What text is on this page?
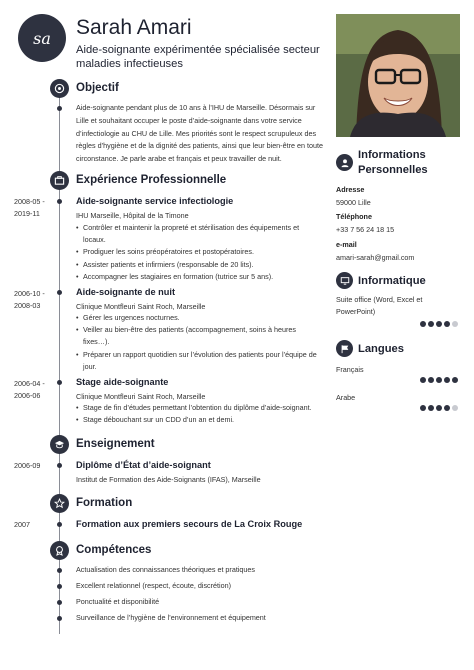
sa Sarah Amari
Aide-soignante expérimentée spécialisée secteur maladies infectieuses
Objectif
Aide-soignante pendant plus de 10 ans à l’IHU de Marseille. Désormais sur Lille et souhaitant occuper le poste d’aide-soignante dans votre service d’infectiologie au CHU de Lille. Mes priorités sont le respect scrupuleux des règles d’hygiène et de la dignité des patients, ainsi que leur bien-être en toute circonstance. Je parle arabe et français et peux travailler de nuit.
Expérience Professionnelle
2008-05 - 2019-11
Aide-soignante service infectiologie
IHU Marseille, Hôpital de la Timone
• Contrôler et maintenir la propreté et stérilisation des équipements et locaux.
• Prodiguer les soins préopératoires et postopératoires.
• Assister patients et infirmiers (responsable de 20 lits).
• Accompagner les stagiaires en formation (tutrice sur 5 ans).
2006-10 - 2008-03
Aide-soignante de nuit
Clinique Montfleuri Saint Roch, Marseille
• Gérer les urgences nocturnes.
• Veiller au bien-être des patients (accompagnement, soins à heures fixes…).
• Préparer un rapport quotidien sur l’évolution des patients pour l’équipe de jour.
2006-04 - 2006-06
Stage aide-soignante
Clinique Montfleuri Saint Roch, Marseille
• Stage de fin d’études permettant l’obtention du diplôme d’aide-soignant.
• Stage débouchant sur un CDD d’un an et demi.
Enseignement
2006-09	Diplôme d’État d’aide-soignant
Institut de Formation des Aide-Soignants (IFAS), Marseille
Formation
2007	Formation aux premiers secours de La Croix Rouge
Compétences
Actualisation des connaissances théoriques et pratiques
Excellent relationnel (respect, écoute, discrétion)
Ponctualité et disponibilité
Surveillance de l’hygiène de l’environnement et équipement
Informations
Personnelles
Adresse
59000 Lille
Téléphone
+33 7 56 24 18 15
e-mail
amari-sarah@gmail.com
Informatique
Suite office (Word, Excel et PowerPoint)
Langues
Français
Arabe
